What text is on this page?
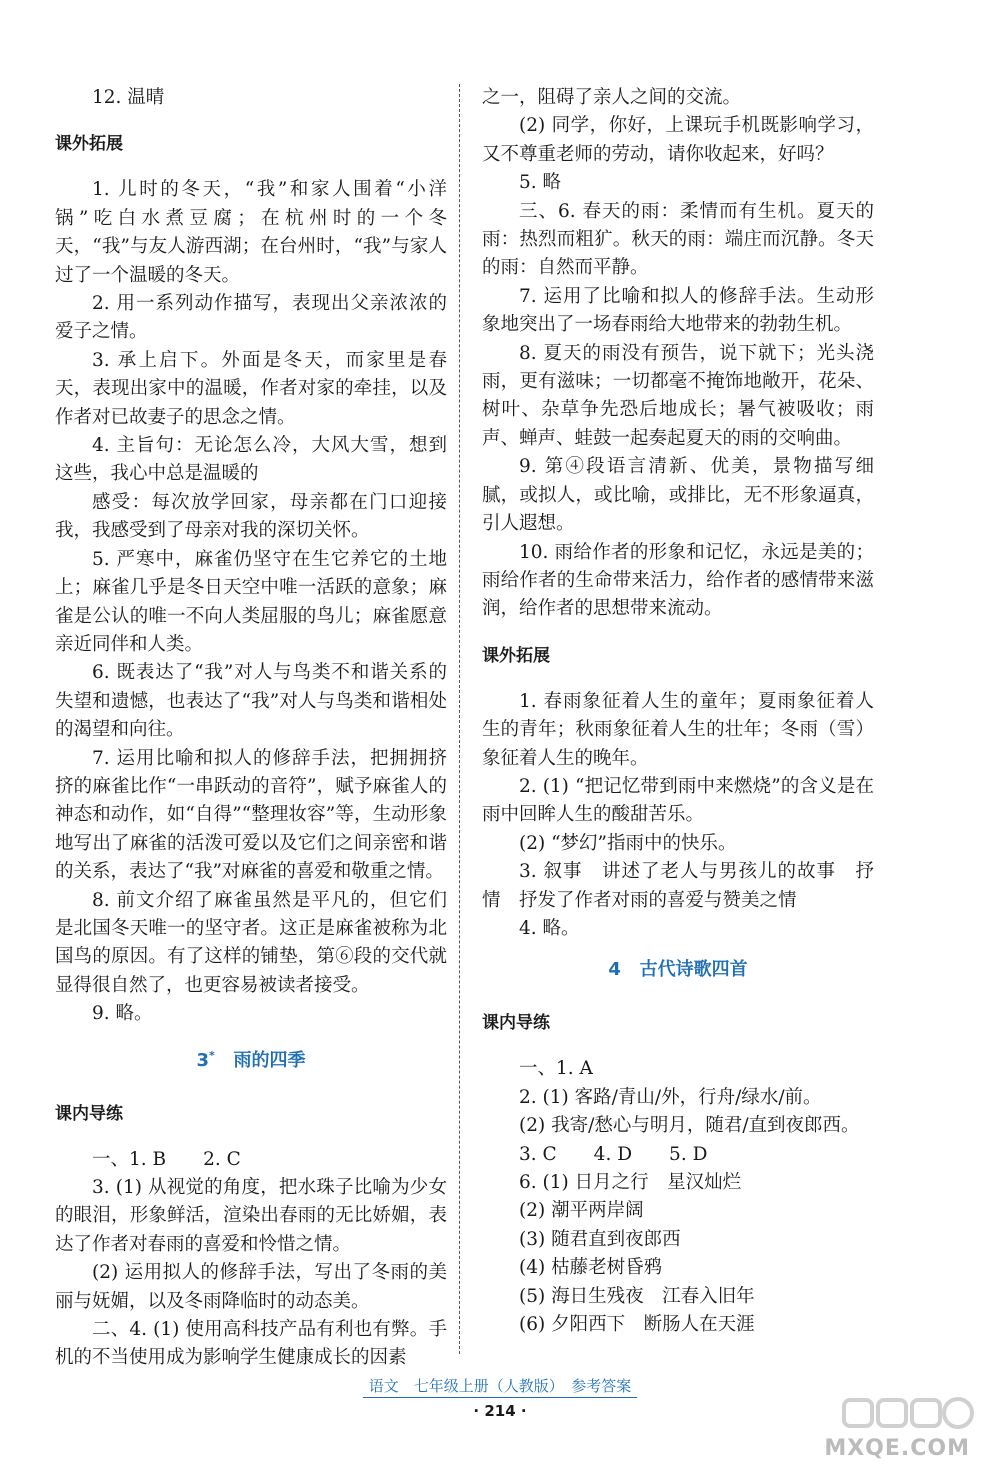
12. 温晴

课外拓展

1. 儿时的冬天，“我”和家人围着“小洋锅”吃白水煮豆腐；在杭州时的一个冬天，“我”与友人游西湖；在台州时，“我”与家人过了一个温暖的冬天。

2. 用一系列动作描写，表现出父亲浓浓的爱子之情。

3. 承上启下。外面是冬天，而家里是春天，表现出家中的温暖，作者对家的牵挂，以及作者对已故妻子的思念之情。

4. 主旨句：无论怎么冷，大风大雪，想到这些，我心中总是温暖的

感受：每次放学回家，母亲都在门口迎接我，我感受到了母亲对我的深切关怀。

5. 严寒中，麻雀仍坚守在生它养它的土地上；麻雀几乎是冬日天空中唯一活跃的意象；麻雀是公认的唯一不向人类屈服的鸟儿；麻雀愿意亲近同伴和人类。

6. 既表达了“我”对人与鸟类不和谐关系的失望和遗憾，也表达了“我”对人与鸟类和谐相处的渴望和向往。

7. 运用比喻和拟人的修辞手法，把拥拥挤挤的麻雀比作“一串跃动的音符”，赋予麻雀人的神态和动作，如“自得”“整理妆容”等，生动形象地写出了麻雀的活泼可爱以及它们之间亲密和谐的关系，表达了“我”对麻雀的喜爱和敬重之情。

8. 前文介绍了麻雀虽然是平凡的，但它们是北国冬天唯一的坚守者。这正是麻雀被称为北国鸟的原因。有了这样的铺垫，第⑥段的交代就显得很自然了，也更容易被读者接受。

9. 略。

3* 雨的四季

课内导练

一、1. B　　2. C

3. (1) 从视觉的角度，把水珠子比喻为少女的眼泪，形象鲜活，渲染出春雨的无比娇媚，表达了作者对春雨的喜爱和怜惜之情。

(2) 运用拟人的修辞手法，写出了冬雨的美丽与妩媚，以及冬雨降临时的动态美。

二、4. (1) 使用高科技产品有利也有弊。手机的不当使用成为影响学生健康成长的因素

之一，阻碍了亲人之间的交流。

(2) 同学，你好，上课玩手机既影响学习，又不尊重老师的劳动，请你收起来，好吗？

5. 略

三、6. 春天的雨：柔情而有生机。夏天的雨：热烈而粗犷。秋天的雨：端庄而沉静。冬天的雨：自然而平静。

7. 运用了比喻和拟人的修辞手法。生动形象地突出了一场春雨给大地带来的勃勃生机。

8. 夏天的雨没有预告，说下就下；光头浇雨，更有滋味；一切都毫不掩饰地敞开，花朵、树叶、杂草争先恐后地成长；暑气被吸收；雨声、蝉声、蛙鼓一起奏起夏天的雨的交响曲。

9. 第④段语言清新、优美，景物描写细腻，或拟人，或比喻，或排比，无不形象逼真，引人遐想。

10. 雨给作者的形象和记忆，永远是美的；雨给作者的生命带来活力，给作者的感情带来滋润，给作者的思想带来流动。

课外拓展

1. 春雨象征着人生的童年；夏雨象征着人生的青年；秋雨象征着人生的壮年；冬雨（雪）象征着人生的晚年。

2. (1) “把记忆带到雨中来燃烧”的含义是在雨中回眸人生的酸甜苦乐。

(2) “梦幻”指雨中的快乐。

3. 叙事　讲述了老人与男孩儿的故事　抒情　抒发了作者对雨的喜爱与赞美之情

4. 略。

4 古代诗歌四首

课内导练

一、1. A

2. (1) 客路/青山/外，行舟/绿水/前。

(2) 我寄/愁心与明月，随君/直到夜郎西。

3. C　　4. D　　5. D

6. (1) 日月之行　星汉灿烂

(2) 潮平两岸阔

(3) 随君直到夜郎西

(4) 枯藤老树昏鸦

(5) 海日生残夜　江春入旧年

(6) 夕阳西下　断肠人在天涯

语文　七年级上册（人教版）　参考答案
· 214 ·
MXQE.COM
